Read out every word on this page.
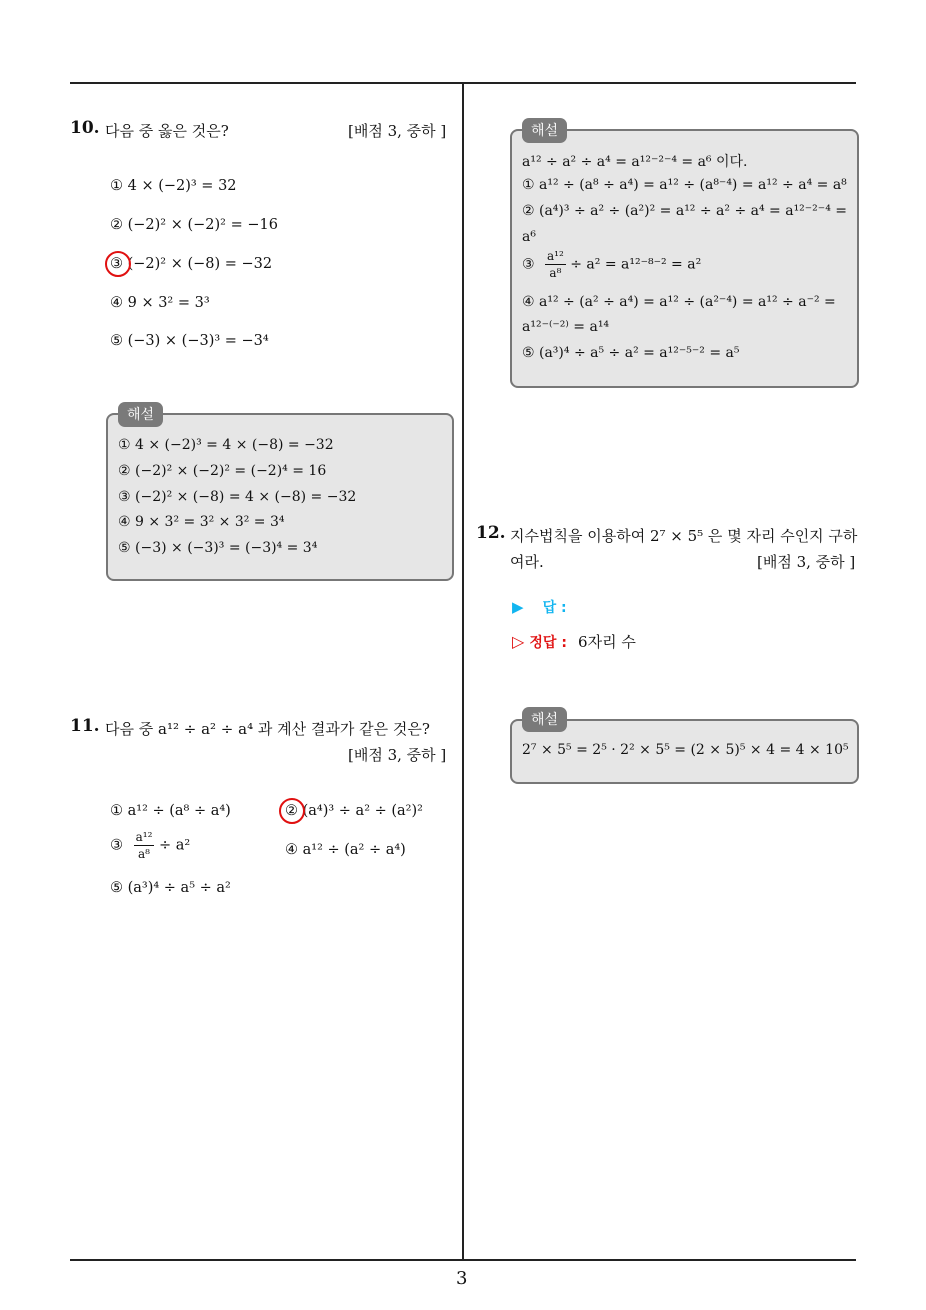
10. 다음 중 옳은 것은?	[배점 3, 중하 ]
① 4 × (−2)³ = 32
② (−2)² × (−2)² = −16
③ (−2)² × (−8) = −32
④ 9 × 3² = 3³
⑤ (−3) × (−3)³ = −3⁴
해설
① 4 × (−2)³ = 4 × (−8) = −32
② (−2)² × (−2)² = (−2)⁴ = 16
③ (−2)² × (−8) = 4 × (−8) = −32
④ 9 × 3² = 3² × 3² = 3⁴
⑤ (−3) × (−3)³ = (−3)⁴ = 3⁴
11. 다음 중 a¹² ÷ a² ÷ a⁴ 과 계산 결과가 같은 것은?
[배점 3, 중하 ]
① a¹² ÷ (a⁸ ÷ a⁴)	② (a⁴)³ ÷ a² ÷ (a²)²
③ $\frac{\text{a¹²}}{\text{a⁸}} \div a^2$	④ a¹² ÷ (a² ÷ a⁴)
⑤ (a³)⁴ ÷ a⁵ ÷ a²
해설
a¹² ÷ a² ÷ a⁴ = a¹²⁻²⁻⁴ = a⁶ 이다.
① a¹² ÷ (a⁸ ÷ a⁴) = a¹² ÷ (a⁸⁻⁴) = a¹² ÷ a⁴ = a⁸
② (a⁴)³ ÷ a² ÷ (a²)² = a¹² ÷ a² ÷ a⁴ = a¹²⁻²⁻⁴ =
a⁶
③ $\frac{\text{a¹²}}{\text{a⁸}} \div a^2 = a^{12-8-2} = a^2$
④ a¹² ÷ (a² ÷ a⁴) = a¹² ÷ (a²⁻⁴) = a¹² ÷ a⁻² =
a¹²⁻⁽⁻²⁾ = a¹⁴
⑤ (a³)⁴ ÷ a⁵ ÷ a² = a¹²⁻⁵⁻² = a⁵
12. 지수법칙을 이용하여 2⁷ × 5⁵ 은 몇 자리 수인지 구하
여라.	[배점 3, 중하 ]
▶ 답 :
▷ 정답 : 6자리 수
해설
2⁷ × 5⁵ = 2⁵ · 2² × 5⁵ = (2 × 5)⁵ × 4 = 4 × 10⁵
3
